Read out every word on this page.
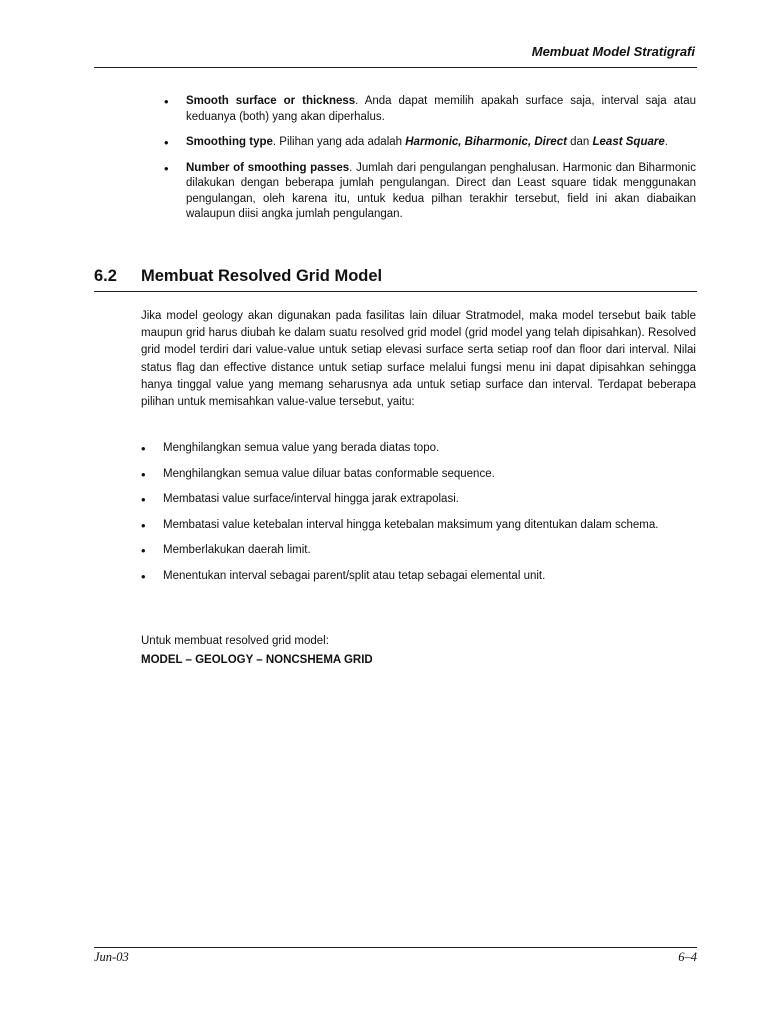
Membuat Model Stratigrafi
• Smooth surface or thickness. Anda dapat memilih apakah surface saja, interval saja atau keduanya (both) yang akan diperhalus.
• Smoothing type. Pilihan yang ada adalah Harmonic, Biharmonic, Direct dan Least Square.
• Number of smoothing passes. Jumlah dari pengulangan penghalusan. Harmonic dan Biharmonic dilakukan dengan beberapa jumlah pengulangan. Direct dan Least square tidak menggunakan pengulangan, oleh karena itu, untuk kedua pilhan terakhir tersebut, field ini akan diabaikan walaupun diisi angka jumlah pengulangan.
6.2 Membuat Resolved Grid Model

Jika model geology akan digunakan pada fasilitas lain diluar Stratmodel, maka model tersebut baik table maupun grid harus diubah ke dalam suatu resolved grid model (grid model yang telah dipisahkan). Resolved grid model terdiri dari value-value untuk setiap elevasi surface serta setiap roof dan floor dari interval. Nilai status flag dan effective distance untuk setiap surface melalui fungsi menu ini dapat dipisahkan sehingga hanya tinggal value yang memang seharusnya ada untuk setiap surface dan interval. Terdapat beberapa pilihan untuk memisahkan value-value tersebut, yaitu:

• Menghilangkan semua value yang berada diatas topo.
• Menghilangkan semua value diluar batas conformable sequence.
• Membatasi value surface/interval hingga jarak extrapolasi.
• Membatasi value ketebalan interval hingga ketebalan maksimum yang ditentukan dalam schema.
• Memberlakukan daerah limit.
• Menentukan interval sebagai parent/split atau tetap sebagai elemental unit.

Untuk membuat resolved grid model:

MODEL – GEOLOGY – NONCSHEMA GRID

Jun-03	6–4
